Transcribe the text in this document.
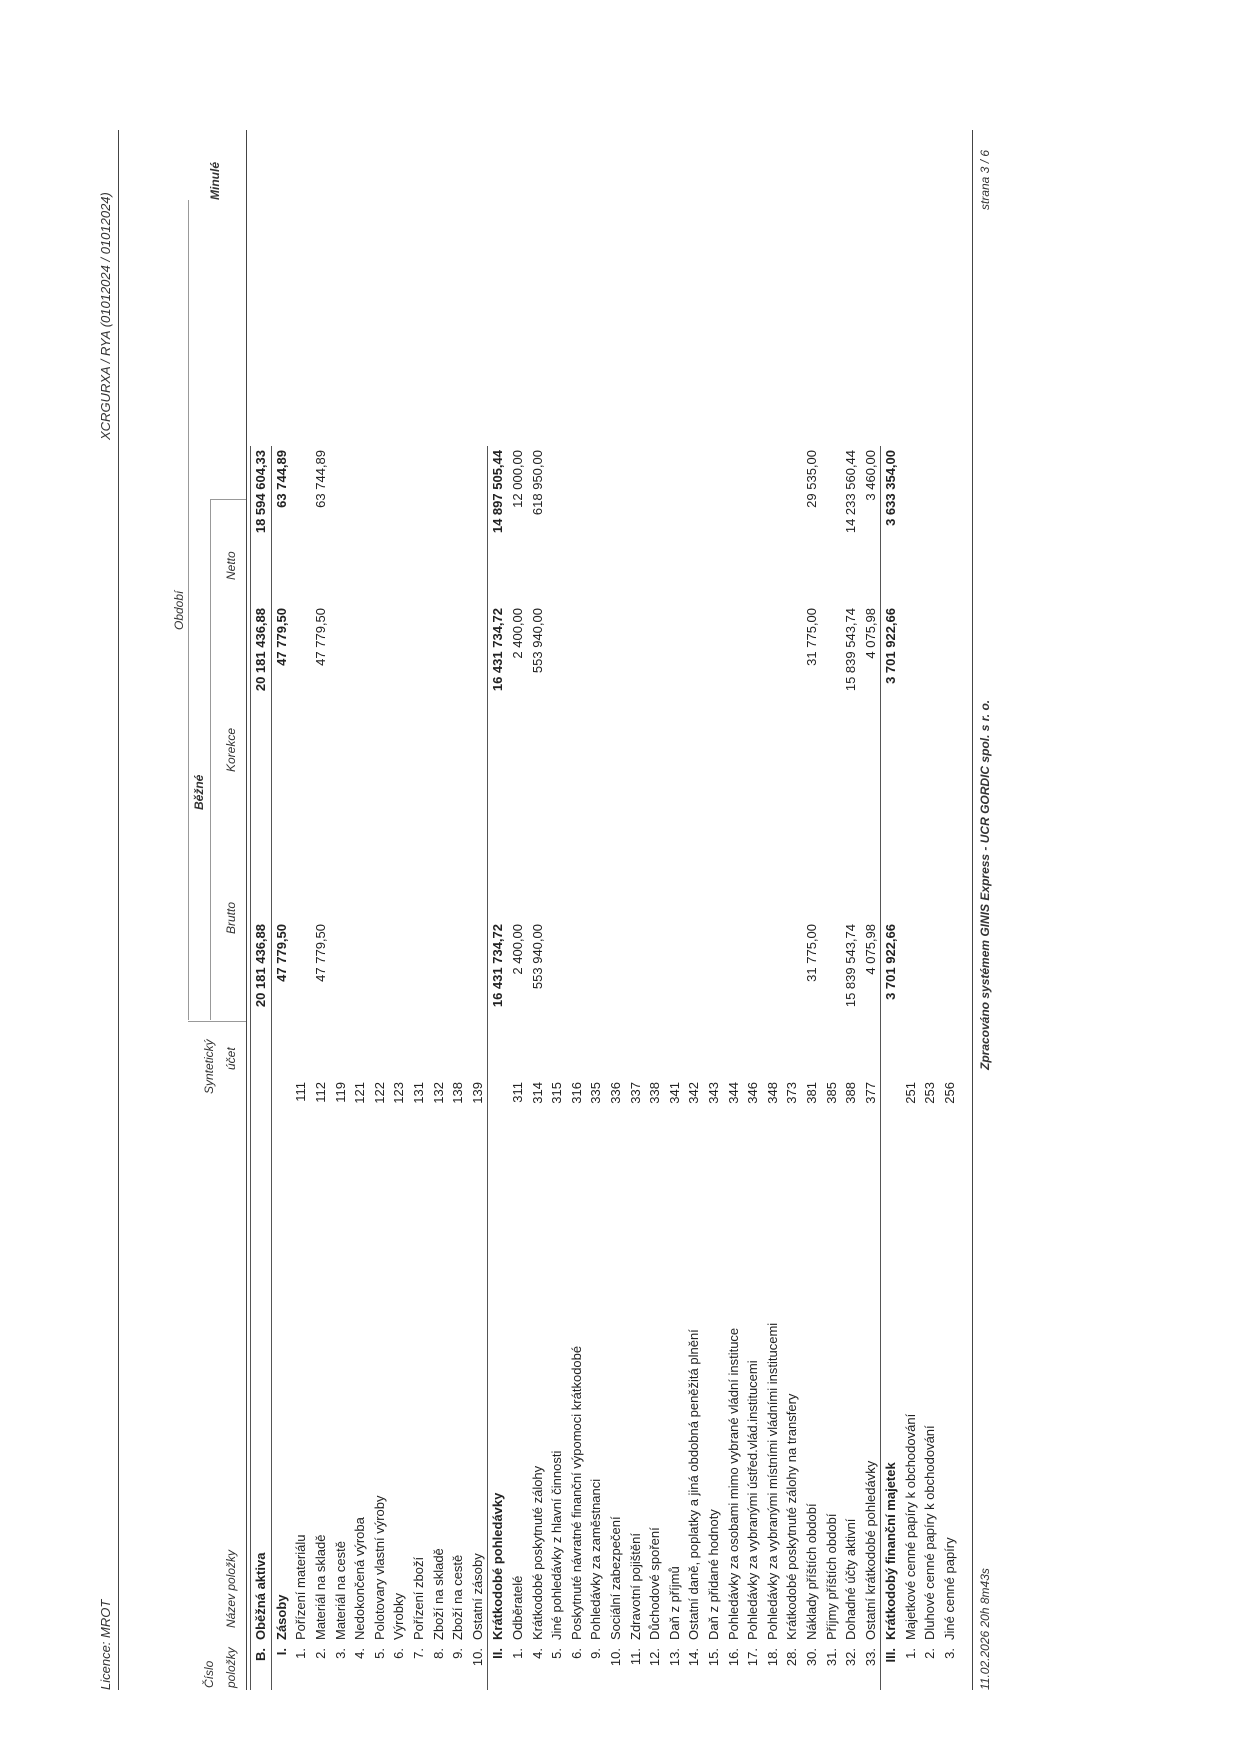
Licence: MROT
XCRGURXA / RYA (01012024 / 01012024)
Číslo položky
Název položky
Syntetický účet
Období
Běžné
Brutto
Korekce
Netto
Minulé
B.	Oběžná aktiva		20 181 436,88		20 181 436,88	18 594 604,33
I.	Zásoby		47 779,50		47 779,50	63 744,89
1.	Pořízení materiálu	111				
2.	Materiál na skladě	112	47 779,50		47 779,50	63 744,89
3.	Materiál na cestě	119				
4.	Nedokončená výroba	121				
5.	Polotovary vlastní výroby	122				
6.	Výrobky	123				
7.	Pořízení zboží	131				
8.	Zboží na skladě	132				
9.	Zboží na cestě	138				
10.	Ostatní zásoby	139				
II.	Krátkodobé pohledávky		16 431 734,72		16 431 734,72	14 897 505,44
1.	Odběratelé	311	2 400,00		2 400,00	12 000,00
4.	Krátkodobé poskytnuté zálohy	314	553 940,00		553 940,00	618 950,00
5.	Jiné pohledávky z hlavní činnosti	315				
6.	Poskytnuté návratné finanční výpomoci krátkodobé	316				
9.	Pohledávky za zaměstnanci	335				
10.	Sociální zabezpečení	336				
11.	Zdravotní pojištění	337				
12.	Důchodové spoření	338				
13.	Daň z příjmů	341				
14.	Ostatní daně, poplatky a jiná obdobná peněžitá plnění	342				
15.	Daň z přidané hodnoty	343				
16.	Pohledávky za osobami mimo vybrané vládní instituce	344				
17.	Pohledávky za vybranými ústřed.vlád.institucemi	346				
18.	Pohledávky za vybranými místními vládními institucemi	348				
28.	Krátkodobé poskytnuté zálohy na transfery	373				
30.	Náklady příštích období	381	31 775,00		31 775,00	29 535,00
31.	Příjmy příštích období	385				
32.	Dohadné účty aktivní	388	15 839 543,74		15 839 543,74	14 233 560,44
33.	Ostatní krátkodobé pohledávky	377	4 075,98		4 075,98	3 460,00
III.	Krátkodobý finanční majetek		3 701 922,66		3 701 922,66	3 633 354,00
1.	Majetkové cenné papíry k obchodování	251				
2.	Dluhové cenné papíry k obchodování	253				
3.	Jiné cenné papíry	256				
11.02.2026 20h 8m43s
Zpracováno systémem GINIS Express - UCR GORDIC spol. s r. o.
strana 3 / 6
